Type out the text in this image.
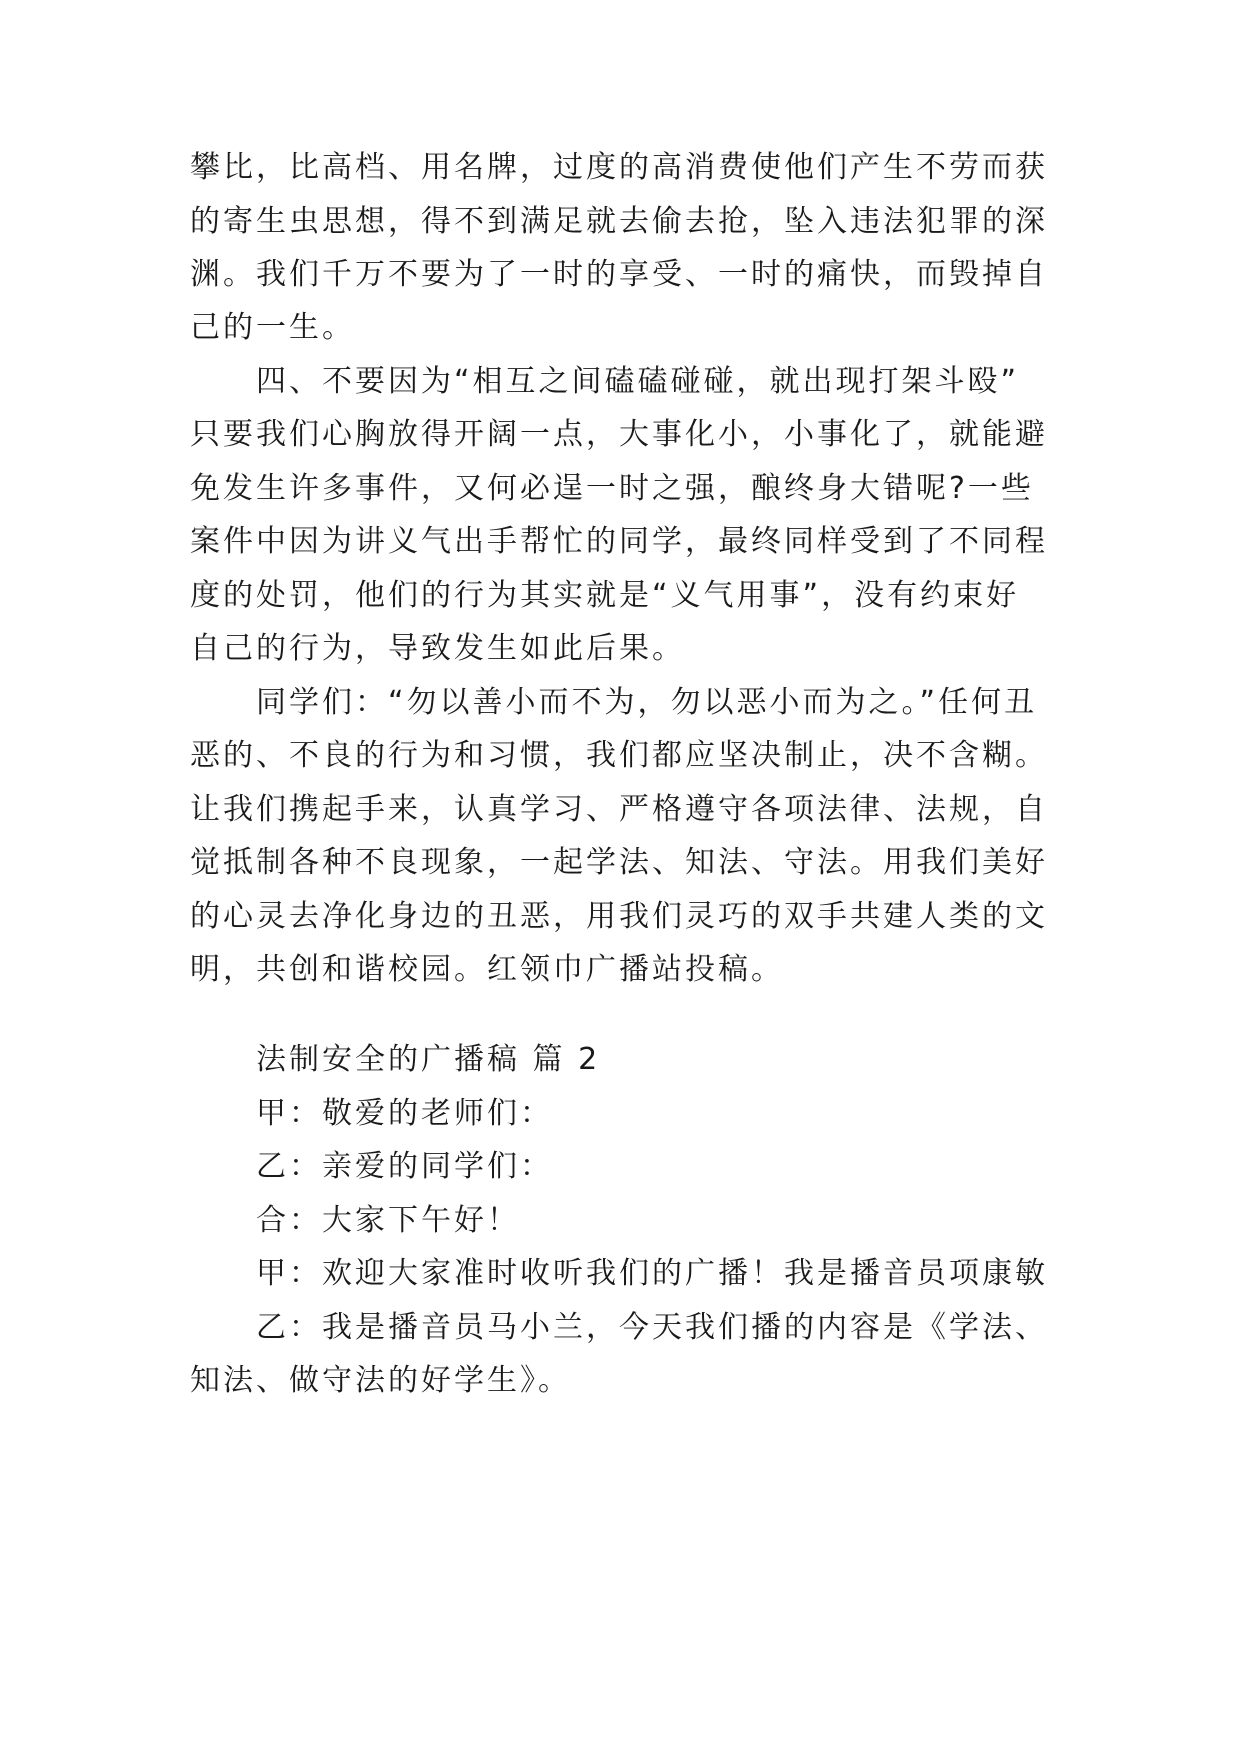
攀比，比高档、用名牌，过度的高消费使他们产生不劳而获
的寄生虫思想，得不到满足就去偷去抢，坠入违法犯罪的深
渊。我们千万不要为了一时的享受、一时的痛快，而毁掉自
己的一生。
四、不要因为“相互之间磕磕碰碰，就出现打架斗殴”
只要我们心胸放得开阔一点，大事化小，小事化了，就能避
免发生许多事件，又何必逞一时之强，酿终身大错呢?一些
案件中因为讲义气出手帮忙的同学，最终同样受到了不同程
度的处罚，他们的行为其实就是“义气用事”，没有约束好
自己的行为，导致发生如此后果。
同学们：“勿以善小而不为，勿以恶小而为之。”任何丑
恶的、不良的行为和习惯，我们都应坚决制止，决不含糊。
让我们携起手来，认真学习、严格遵守各项法律、法规，自
觉抵制各种不良现象，一起学法、知法、守法。用我们美好
的心灵去净化身边的丑恶，用我们灵巧的双手共建人类的文
明，共创和谐校园。红领巾广播站投稿。
法制安全的广播稿 篇 2
甲：敬爱的老师们：
乙：亲爱的同学们：
合：大家下午好！
甲：欢迎大家准时收听我们的广播！我是播音员项康敏
乙：我是播音员马小兰，今天我们播的内容是《学法、
知法、做守法的好学生》。
